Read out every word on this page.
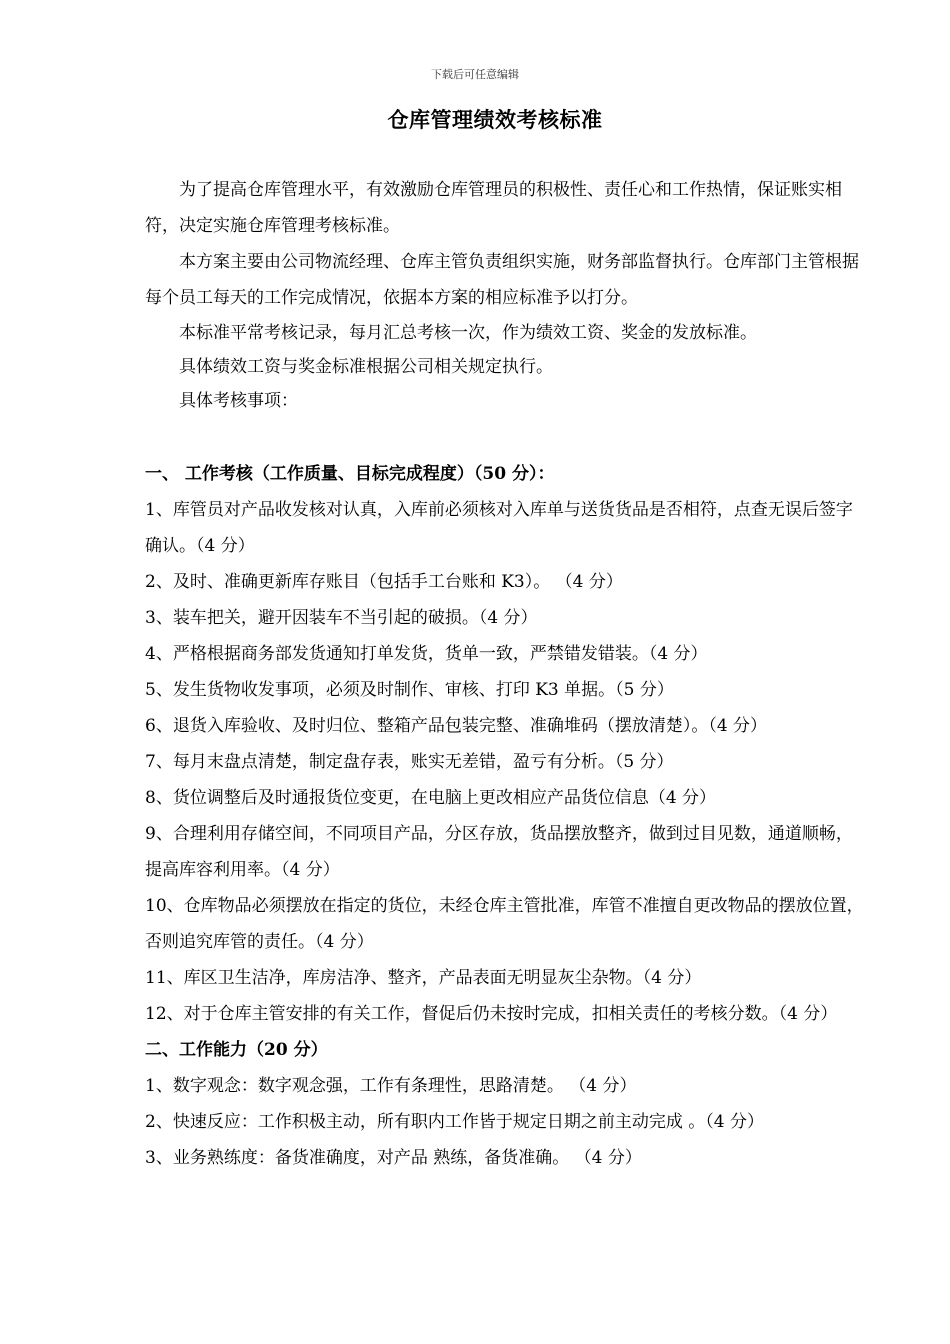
下载后可任意编辑
仓库管理绩效考核标准

为了提高仓库管理水平，有效激励仓库管理员的积极性、责任心和工作热情，保证账实相符，决定实施仓库管理考核标准。

本方案主要由公司物流经理、仓库主管负责组织实施，财务部监督执行。仓库部门主管根据每个员工每天的工作完成情况，依据本方案的相应标准予以打分。

本标准平常考核记录，每月汇总考核一次，作为绩效工资、奖金的发放标准。

具体绩效工资与奖金标准根据公司相关规定执行。

具体考核事项：

一、 工作考核（工作质量、目标完成程度）（50 分）：

1、库管员对产品收发核对认真，入库前必须核对入库单与送货货品是否相符，点查无误后签字确认。（4 分）

2、及时、准确更新库存账目（包括手工台账和 K3）。 （4 分）

3、装车把关，避开因装车不当引起的破损。（4 分）

4、严格根据商务部发货通知打单发货，货单一致，严禁错发错装。（4 分）

5、发生货物收发事项，必须及时制作、审核、打印 K3 单据。（5 分）

6、退货入库验收、及时归位、整箱产品包装完整、准确堆码（摆放清楚）。（4 分）

7、每月末盘点清楚，制定盘存表，账实无差错，盈亏有分析。（5 分）

8、货位调整后及时通报货位变更，在电脑上更改相应产品货位信息（4 分）

9、合理利用存储空间，不同项目产品，分区存放，货品摆放整齐，做到过目见数，通道顺畅，提高库容利用率。（4 分）

10、仓库物品必须摆放在指定的货位，未经仓库主管批准，库管不准擅自更改物品的摆放位置，否则追究库管的责任。（4 分）

11、库区卫生洁净，库房洁净、整齐，产品表面无明显灰尘杂物。（4 分）

12、对于仓库主管安排的有关工作，督促后仍未按时完成，扣相关责任的考核分数。（4 分）

二、工作能力（20 分）

1、数字观念：数字观念强，工作有条理性，思路清楚。 （4 分）

2、快速反应：工作积极主动，所有职内工作皆于规定日期之前主动完成 。（4 分）

3、业务熟练度：备货准确度，对产品 熟练，备货准确。 （4 分）
